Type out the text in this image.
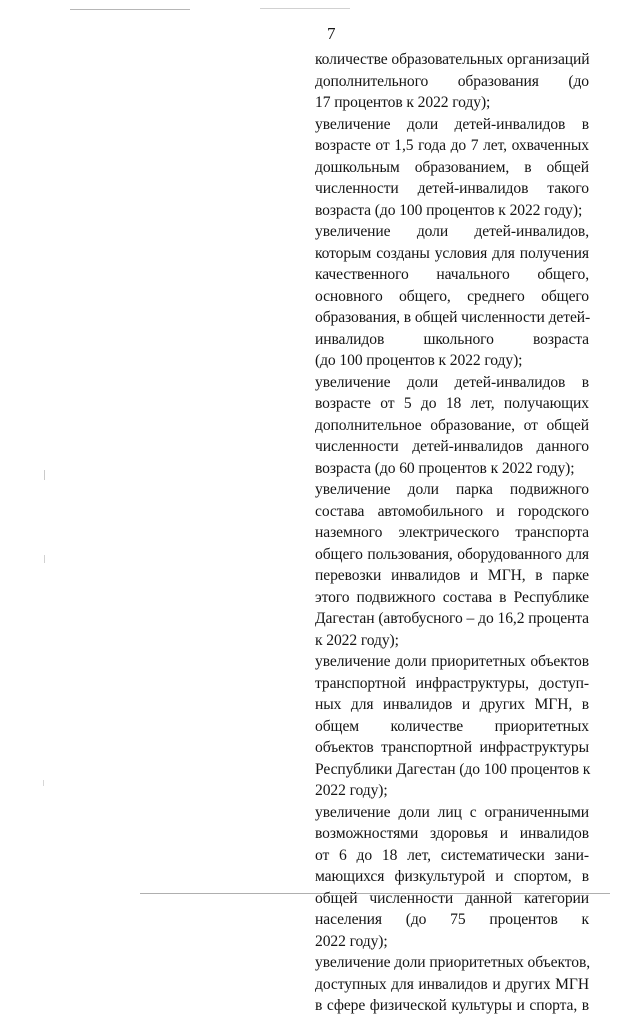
7
количестве образовательных организаций
дополнительного образования (до
17 процентов к 2022 году);
увеличение доли детей-инвалидов в
возрасте от 1,5 года до 7 лет, охваченных
дошкольным образованием, в общей
численности детей-инвалидов такого
возраста (до 100 процентов к 2022 году);
увеличение доли детей-инвалидов,
которым созданы условия для получения
качественного начального общего,
основного общего, среднего общего
образования, в общей численности детей-
инвалидов школьного возраста
(до 100 процентов к 2022 году);
увеличение доли детей-инвалидов в
возрасте от 5 до 18 лет, получающих
дополнительное образование, от общей
численности детей-инвалидов данного
возраста (до 60 процентов к 2022 году);
увеличение доли парка подвижного
состава автомобильного и городского
наземного электрического транспорта
общего пользования, оборудованного для
перевозки инвалидов и МГН, в парке
этого подвижного состава в Республике
Дагестан (автобусного – до 16,2 процента
к 2022 году);
увеличение доли приоритетных объектов
транспортной инфраструктуры, доступ-
ных для инвалидов и других МГН, в
общем количестве приоритетных
объектов транспортной инфраструктуры
Республики Дагестан (до 100 процентов к
2022 году);
увеличение доли лиц с ограниченными
возможностями здоровья и инвалидов
от 6 до 18 лет, систематически зани-
мающихся физкультурой и спортом, в
общей численности данной категории
населения (до 75 процентов к
2022 году);
увеличение доли приоритетных объектов,
доступных для инвалидов и других МГН
в сфере физической культуры и спорта, в
